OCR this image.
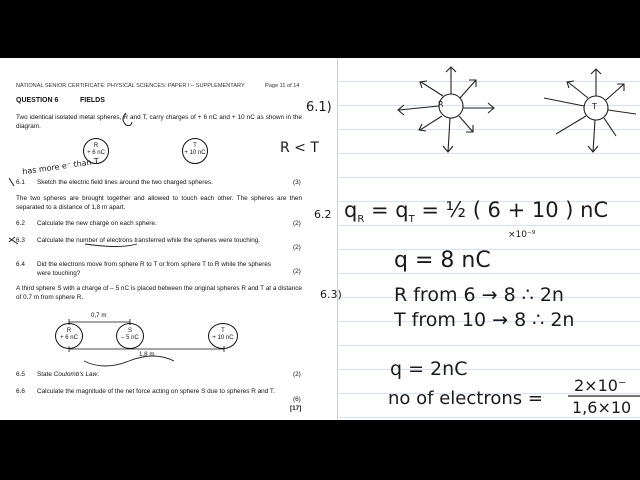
NATIONAL SENIOR CERTIFICATE: PHYSICAL SCIENCES: PAPER I – SUPPLEMENTARY	Page 11 of 14
QUESTION 6	FIELDS
Two identical isolated metal spheres, R and T, carry charges of + 6 nC and + 10 nC as shown in the diagram.
R
+ 6 nC
T
+ 10 nC
6.1 Sketch the electric field lines around the two charged spheres.	(3)
The two spheres are brought together and allowed to touch each other. The spheres are then separated to a distance of 1,8 m apart.
6.2 Calculate the new charge on each sphere.	(2)
6.3 Calculate the number of electrons transferred while the spheres were touching.
(2)
6.4 Did the electrons move from sphere R to T or from sphere T to R while the spheres were touching?	(2)
A third sphere S with a charge of – 5 nC is placed between the original spheres R and T at a distance of 0,7 m from sphere R.
0,7 m
1,8 m
R
+ 6 nC
S
– 5 nC
T
+ 10 nC
6.5 State Coulomb's Law.	(2)
6.6 Calculate the magnitude of the net force acting on sphere S due to spheres R and T.
(6)
[17]
has more e⁻ than T
R	T
6.1)
R < T
6.2 $q_R = q_T$ = ½ ( 6 + 10 ) nC
×10⁻⁹
q = 8 nC
6.3)	R from 6 → 8 ∴ 2n
T from 10 → 8 ∴ 2n
q = 2nC
no of electrons =
2×10⁻
1,6×10
